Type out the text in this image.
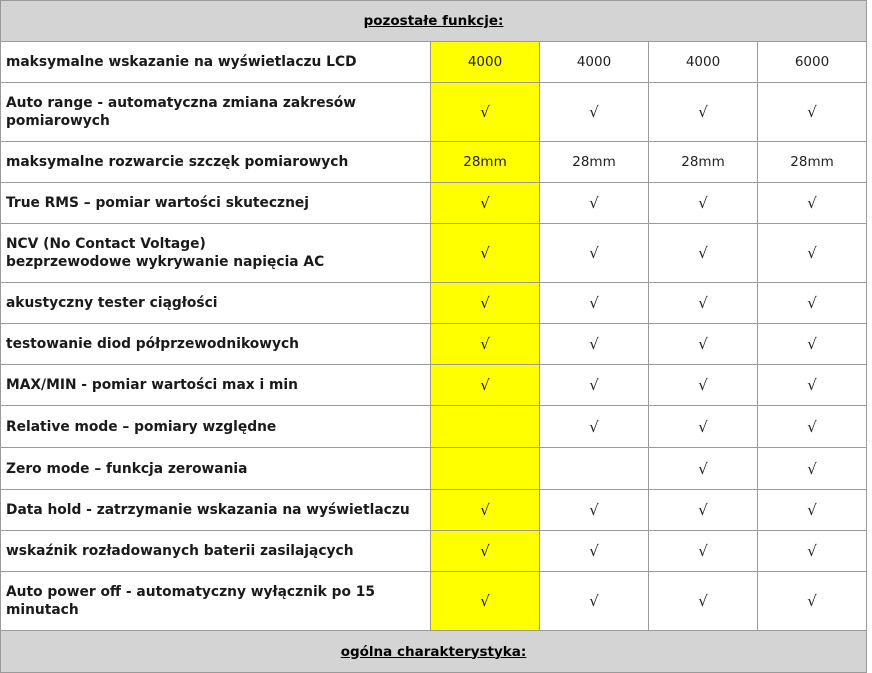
pozostałe funkcje:				
maksymalne wskazanie na wyświetlaczu LCD	4000	4000	4000	6000
Auto range - automatyczna zmiana zakresów pomiarowych	√	√	√	√
maksymalne rozwarcie szczęk pomiarowych	28mm	28mm	28mm	28mm
True RMS – pomiar wartości skutecznej	√	√	√	√

NCV (No Contact Voltage)
bezprzewodowe wykrywanie napięcia AC	√	√	√	√
akustyczny tester ciągłości	√	√	√	√
testowanie diod półprzewodnikowych	√	√	√	√
MAX/MIN - pomiar wartości max i min	√	√	√	√
Relative mode – pomiary względne		√	√	√
Zero mode – funkcja zerowania			√	√
Data hold - zatrzymanie wskazania na wyświetlaczu	√	√	√	√
wskaźnik rozładowanych baterii zasilających	√	√	√	√
Auto power off - automatyczny wyłącznik po 15 minutach	√	√	√	√
ogólna charakterystyka:				
